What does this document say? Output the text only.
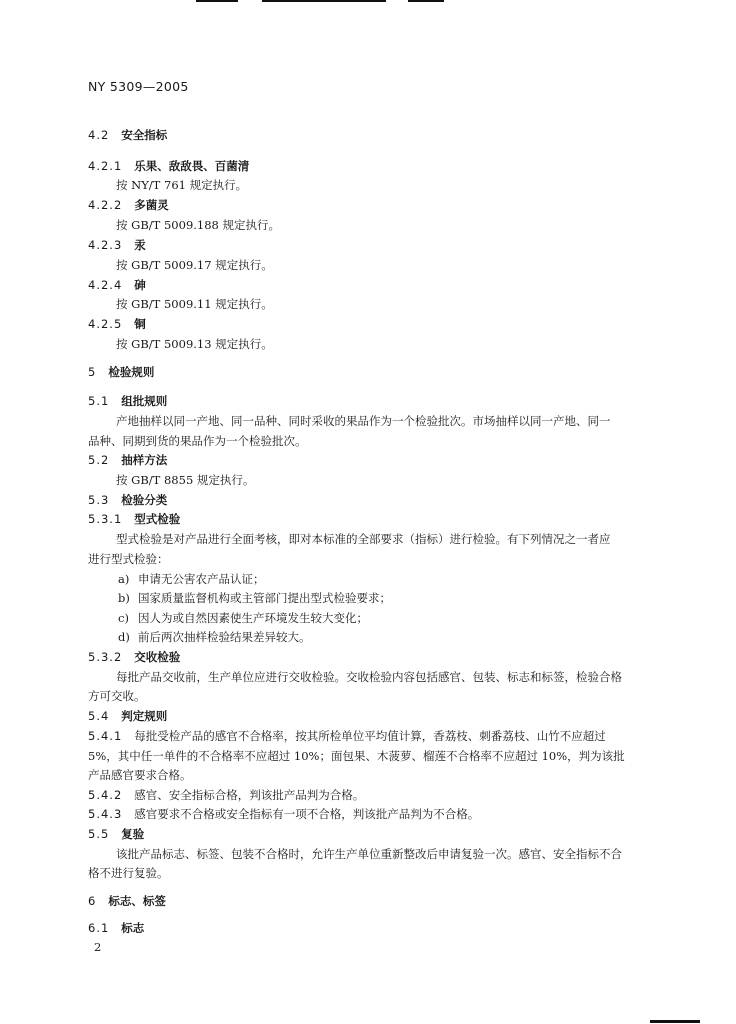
NY 5309—2005
4.2 安全指标
4.2.1 乐果、敌敌畏、百菌清
按 NY/T 761 规定执行。
4.2.2 多菌灵
按 GB/T 5009.188 规定执行。
4.2.3 汞
按 GB/T 5009.17 规定执行。
4.2.4 砷
按 GB/T 5009.11 规定执行。
4.2.5 铜
按 GB/T 5009.13 规定执行。
5 检验规则
5.1 组批规则
产地抽样以同一产地、同一品种、同时采收的果品作为一个检验批次。市场抽样以同一产地、同一
品种、同期到货的果品作为一个检验批次。
5.2 抽样方法
按 GB/T 8855 规定执行。
5.3 检验分类
5.3.1 型式检验
型式检验是对产品进行全面考核，即对本标准的全部要求（指标）进行检验。有下列情况之一者应
进行型式检验：
a) 申请无公害农产品认证；
b) 国家质量监督机构或主管部门提出型式检验要求；
c) 因人为或自然因素使生产环境发生较大变化；
d) 前后两次抽样检验结果差异较大。
5.3.2 交收检验
每批产品交收前，生产单位应进行交收检验。交收检验内容包括感官、包装、标志和标签，检验合格
方可交收。
5.4 判定规则
5.4.1 每批受检产品的感官不合格率，按其所检单位平均值计算，香荔枝、刺番荔枝、山竹不应超过
5%，其中任一单件的不合格率不应超过 10%；面包果、木菠萝、榴莲不合格率不应超过 10%，判为该批
产品感官要求合格。
5.4.2 感官、安全指标合格，判该批产品判为合格。
5.4.3 感官要求不合格或安全指标有一项不合格，判该批产品判为不合格。
5.5 复验
该批产品标志、标签、包装不合格时，允许生产单位重新整改后申请复验一次。感官、安全指标不合
格不进行复验。
6 标志、标签
6.1 标志
2
